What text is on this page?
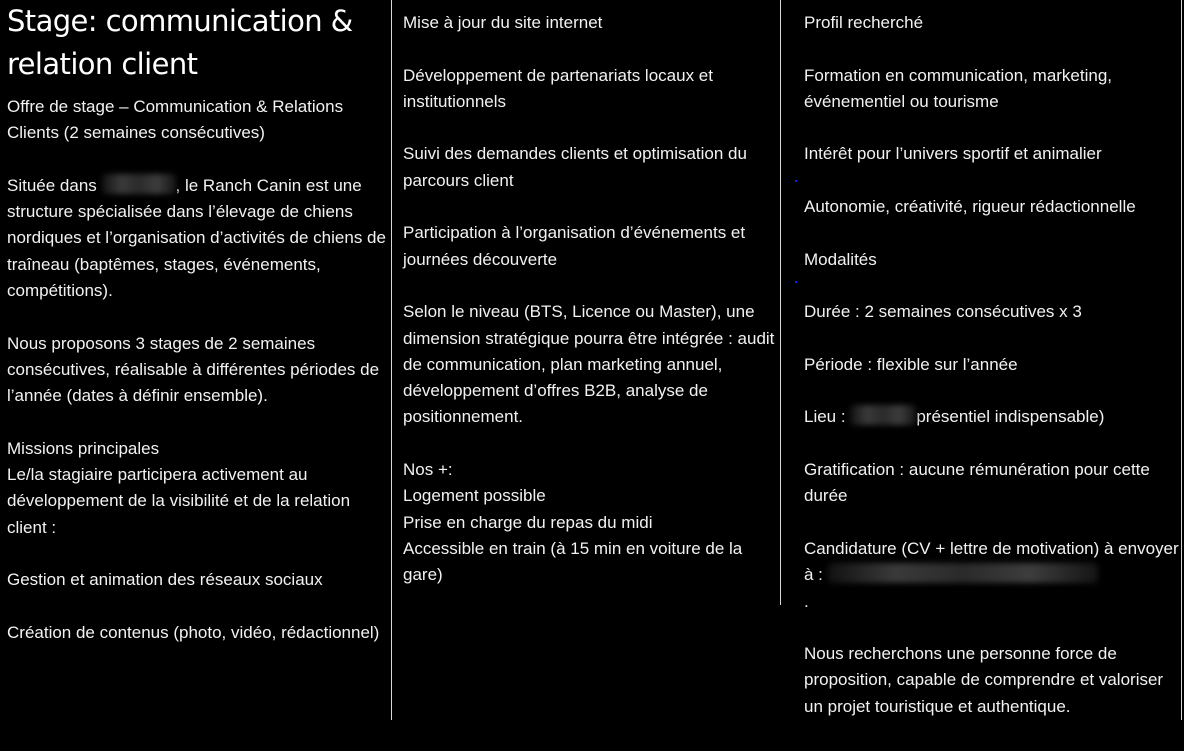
Stage: communication & relation client

Offre de stage – Communication & Relations Clients (2 semaines consécutives)

Située dans	, le Ranch Canin est une structure spécialisée dans l’élevage de chiens nordiques et l’organisation d’activités de chiens de traîneau (baptêmes, stages, événements, compétitions).

Nous proposons 3 stages de 2 semaines consécutives, réalisable à différentes périodes de l’année (dates à définir ensemble).

Missions principales

Le/la stagiaire participera activement au développement de la visibilité et de la relation client :

Gestion et animation des réseaux sociaux

Création de contenus (photo, vidéo, rédactionnel)

Mise à jour du site internet

Développement de partenariats locaux et institutionnels

Suivi des demandes clients et optimisation du parcours client

Participation à l’organisation d’événements et journées découverte

Selon le niveau (BTS, Licence ou Master), une dimension stratégique pourra être intégrée : audit de communication, plan marketing annuel, développement d’offres B2B, analyse de positionnement.

Nos +:

Logement possible

Prise en charge du repas du midi

Accessible en train (à 15 min en voiture de la gare)

Profil recherché

Formation en communication, marketing, événementiel ou tourisme

Intérêt pour l’univers sportif et animalier

Autonomie, créativité, rigueur rédactionnelle

Modalités

Durée : 2 semaines consécutives x 3

Période : flexible sur l’année

Lieu :	présentiel indispensable)

Gratification : aucune rémunération pour cette durée

Candidature (CV + lettre de motivation) à envoyer à :

.

Nous recherchons une personne force de proposition, capable de comprendre et valoriser un projet touristique et authentique.
